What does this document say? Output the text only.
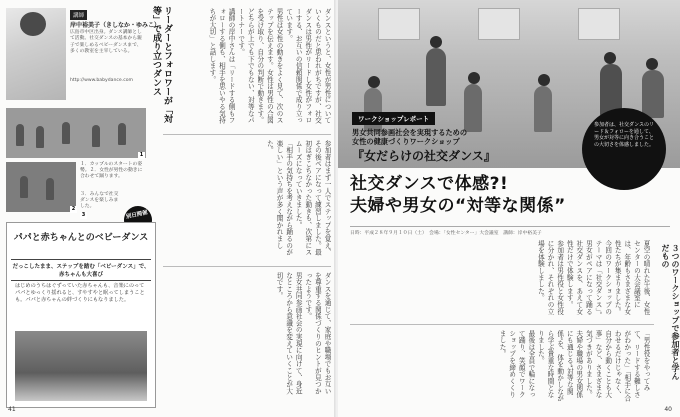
講師
岸中裕美子（きしなか・ゆみこ）
広島市中区出身。ダンス講師として活動。社交ダンスの基本から親子で楽しめるベビーダンスまで、多くの教室を主宰している。
http://www.babydance.com	リーダーとフォロワーが「対等」で成り立つダンス
1
2
１．カップルのスタートの姿勢。２．女性が男性の動きに合わせて踊ります。
３．みんなで社交ダンスを楽しみました。
3	別日開催
パパと赤ちゃんとのベビーダンス
だっこしたまま、ステップを踏む「ベビーダンス」で、赤ちゃんも大喜び
はじめのうちはぐずっていた赤ちゃんも、音楽にのってパパとゆっくり揺れると、すやすやと眠ってしまうことも。パパと赤ちゃんの絆づくりにもなりました。

ダンスというと、女性が男性についていくものだと思われがちですが、社交ダンスは男性がリードし女性がフォローする、お互いの信頼関係で成り立っています。

男性は女性の動きをよく見て、次のステップを伝えます。女性は男性の合図を受け取り、自分の判断で動きます。どちらが上でも下でもない、対等なパートナーです。

講師の岸中さんは「リードする側もフォローする側も、相手を思いやる気持ちが大切」と話します。

参加者はまず一人でステップを覚え、その後ペアになって練習しました。最初はぎこちなかった動きも、次第にスムーズになっていきました。

「相手の気持ちを考えながら踊るのが楽しい」という声が多く聞かれました。

ダンスを通じて、家庭や職場でもお互いを尊重する関係づくりのヒントが見つかったようです。

男女共同参画社会の実現に向けて、身近なところから意識を変えていくことが大切です。

41
ワークショップレポート
男女共同参画社会を実現するための
女性の健康づくりワークショップ
『女だらけの社交ダンス』
参加者は、社交ダンスのリード＆フォローを通して、男女が対等に向き合うことの大切さを体感しました。
社交ダンスで体感?!
夫婦や男女の“対等な関係”
日時：平成２８年９月１０日（土）　会場：「女性センター」大会議室　講師：岸中裕美子

夏空の晴れた午後、女性センターの大会議室には、年齢もさまざまな女性たちが集まりました。

今回のワークショップのテーマは「社交ダンス」。男女がペアになって踊る社交ダンスを、あえて女性だけで体験します。

参加者は男性役と女性役に分かれ、それぞれの立場を体験しました。

「男性役をやってみて、リードする難しさがわかった」「相手に合わせるだけじゃなく、自分から動くことも大事」など、さまざまな気づきがありました。

夫婦や職場の男女関係にも通じる“対等な関係”を、体を動かしながら学ぶ貴重な時間となりました。

最後は全員で輪になって踊り、笑顔でワークショップを締めくくりました。	３つのワークショップで参加者と学んだもの
40
